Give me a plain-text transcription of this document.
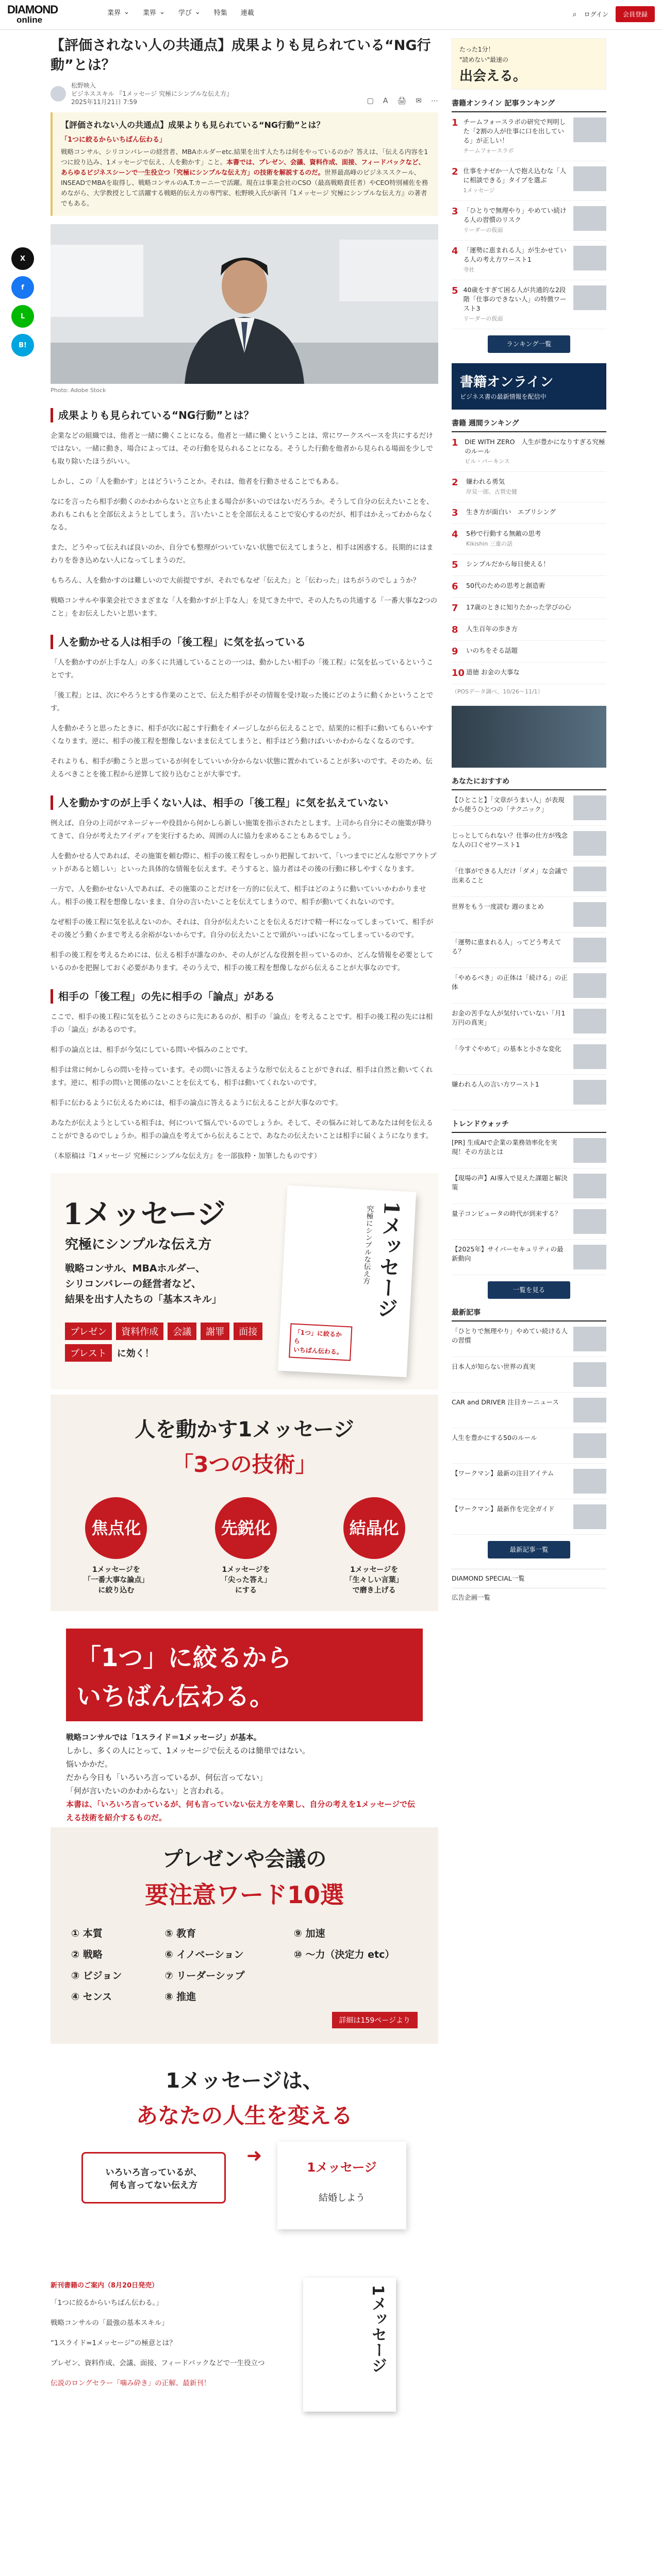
DIAMOND
online
業界 ⌄ 業界 ⌄ 学び ⌄ 特集 連載	⌕ ログイン	会員登録
X
f
L
B!
【評価されない人の共通点】成果よりも見られている“NG行動”とは？
松野映入
ビジネススキル 『1メッセージ 究極にシンプルな伝え方』
2025年11月21日 7:59	▢ A 🖨 ✉ ⋯
【評価されない人の共通点】成果よりも見られている“NG行動”とは？
「1つに絞るからいちばん伝わる」

戦略コンサル、シリコンバレーの経営者、MBAホルダーetc.結果を出す人たちは何をやっているのか？答えは、「伝える内容を1つに絞り込み、1メッセージで伝え、人を動かす」こと。本書では、プレゼン、会議、資料作成、面接、フィードバックなど、あらゆるビジネスシーンで一生役立つ「究極にシンプルな伝え方」の技術を解説するのだ。世界最高峰のビジネススクール、INSEADでMBAを取得し、戦略コンサルのA.T.カーニーで活躍。現在は事業会社のCSO（最高戦略責任者）やCEO特別補佐を務めながら、大学教授として活躍する戦略的伝え方の専門家、松野映入氏が新刊『1メッセージ 究極にシンプルな伝え方』の著者でもある。

Photo: Adobe Stock
成果よりも見られている“NG行動”とは？

企業などの組織では、他者と一緒に働くことになる。他者と一緒に働くということは、常にワークスペースを共にするだけではない。一緒に動き、場合によっては、その行動を見られることになる。そうした行動を他者から見られる場面を少しでも取り除いたほうがいい。

しかし、この「人を動かす」とはどういうことか。それは、他者を行動させることでもある。

なにを言ったら相手が動くのかわからないと立ち止まる場合が多いのではないだろうか。そうして自分の伝えたいことを、あれもこれもと全部伝えようとしてしまう。言いたいことを全部伝えることで安心するのだが、相手はかえってわからなくなる。

また、どうやって伝えれば良いのか、自分でも整理がついていない状態で伝えてしまうと、相手は困惑する。長期的にはまわりを巻き込めない人になってしまうのだ。

もちろん、人を動かすのは難しいので大前提ですが、それでもなぜ「伝えた」と「伝わった」はちがうのでしょうか？

戦略コンサルや事業会社でさまざまな「人を動かすが上手な人」を見てきた中で、その人たちの共通する「一番大事な2つのこと」をお伝えしたいと思います。

人を動かせる人は相手の「後工程」に気を払っている

「人を動かすのが上手な人」の多くに共通していることの一つは、動かしたい相手の「後工程」に気を払っているということです。

「後工程」とは、次にやろうとする作業のことで、伝えた相手がその情報を受け取った後にどのように動くかということです。

人を動かそうと思ったときに、相手が次に起こす行動をイメージしながら伝えることで、結果的に相手に動いてもらいやすくなります。逆に、相手の後工程を想像しないまま伝えてしまうと、相手はどう動けばいいかわからなくなるのです。

それよりも、相手が動こうと思っているが何をしていいか分からない状態に置かれていることが多いのです。そのため、伝えるべきことを後工程から逆算して絞り込むことが大事です。

人を動かすのが上手くない人は、相手の「後工程」に気を払えていない

例えば、自分の上司がマネージャーや役員から何かしら新しい施策を指示されたとします。上司から自分にその施策が降りてきて、自分が考えたアイディアを実行するため、周囲の人に協力を求めることもあるでしょう。

人を動かせる人であれば、その施策を頼む際に、相手の後工程をしっかり把握しておいて、「いつまでにどんな形でアウトプットがあると嬉しい」といった具体的な情報を伝えます。そうすると、協力者はその後の行動に移しやすくなります。

一方で、人を動かせない人であれば、その施策のことだけを一方的に伝えて、相手はどのように動いていいかわかりません。相手の後工程を想像しないまま、自分の言いたいことを伝えてしまうので、相手が動いてくれないのです。

なぜ相手の後工程に気を払えないのか。それは、自分が伝えたいことを伝えるだけで精一杯になってしまっていて、相手がその後どう動くかまで考える余裕がないからです。自分の伝えたいことで頭がいっぱいになってしまっているのです。

相手の後工程を考えるためには、伝える相手が誰なのか、その人がどんな役割を担っているのか、どんな情報を必要としているのかを把握しておく必要があります。そのうえで、相手の後工程を想像しながら伝えることが大事なのです。

相手の「後工程」の先に相手の「論点」がある

ここで、相手の後工程に気を払うことのさらに先にあるのが、相手の「論点」を考えることです。相手の後工程の先には相手の「論点」があるのです。

相手の論点とは、相手が今気にしている問いや悩みのことです。

相手は常に何かしらの問いを持っています。その問いに答えるような形で伝えることができれば、相手は自然と動いてくれます。逆に、相手の問いと関係のないことを伝えても、相手は動いてくれないのです。

相手に伝わるように伝えるためには、相手の論点に答えるように伝えることが大事なのです。

あなたが伝えようとしている相手は、何について悩んでいるのでしょうか。そして、その悩みに対してあなたは何を伝えることができるのでしょうか。相手の論点を考えてから伝えることで、あなたの伝えたいことは相手に届くようになります。

（本原稿は『1メッセージ 究極にシンプルな伝え方』を一部抜粋・加筆したものです）

1メッセージ
究極にシンプルな伝え方
戦略コンサル、MBAホルダー、
シリコンバレーの経営者など、
結果を出す人たちの「基本スキル」
プレゼン	資料作成	会議	謝罪	面接
プレスト	に効く！
1メッセージ
究極にシンプルな伝え方
「1つ」に絞るから
いちばん伝わる。
人を動かす1メッセージ
「3つの技術」
焦点化
1メッセージを
「一番大事な論点」
に絞り込む
先鋭化
1メッセージを
「尖った答え」
にする
結晶化
1メッセージを
「生々しい言葉」
で磨き上げる
「1つ」に絞るから
いちばん伝わる。
戦略コンサルでは「1スライド＝1メッセージ」が基本。
しかし、多くの人にとって、1メッセージで伝えるのは簡単ではない。
悩いかかだ。
だから今日も「いろいろ言っているが、何伝言ってない」
「何が言いたいのかわからない」と言われる。
本書は、「いろいろ言っているが、何も言っていない伝え方を卒業し、自分の考えを1メッセージで伝える技術を紹介するものだ。
プレゼンや会議の
要注意ワード10選
① 本質	⑤ 教育	⑨ 加速
② 戦略	⑥ イノベーション	⑩ 〜力（決定力 etc）
③ ビジョン	⑦ リーダーシップ
④ センス	⑧ 推進
詳細は159ページより
1メッセージは、
あなたの人生を変える
いろいろ言っているが、
何も言ってない伝え方
➜
1メッセージ
結婚しよう
新刊書籍のご案内（8月20日発売）

「1つに絞るからいちばん伝わる。」

戦略コンサルの「最強の基本スキル」

“1スライド=1メッセージ”の極意とは？

プレゼン、資料作成、会議、面接、フィードバックなどで一生役立つ

伝説のロングセラー「噛み砕き」の正解、最新刊！

1メッセージ
たった1分！
"読めない"最速の
出会える。
書籍オンライン 記事ランキング
1 チームフォースラボの研究で判明した「2割の人が仕事に口を出している」が正しい！
チームフォースラボ
2 仕事をナゼか一人で抱え込むな「人に相談できる」タイプを選ぶ
1メッセージ
3 「ひとりで無理やり」やめてい続ける人の習慣のリスク
リーダーの仮面
4 「運勢に恵まれる人」が生かせている人の考え方ワースト1
寺社
5 40歳をすぎて困る人が共通的な2段階「仕事のできない人」の特徴ワースト3
リーダーの仮面
ランキング一覧
書籍オンライン
ビジネス書の最新情報を配信中
書籍 週間ランキング
1 DIE WITH ZERO　人生が豊かになりすぎる究極のルール
ビル・パーキンス
2	嫌われる勇気
岸見一郎、古賀史健
3	生き方が面白い　エブリシング
4	5秒で行動する無敵の思考
Kikishin 三重の話
5	シンプルだから毎日使える！
6	50代のための思考と創造術
7	17歳のときに知りたかった学びの心
8	人生百年の歩き方
9	いのちをそる話題
10 道徳 お金の大事な
（POSデータ調べ、10/26〜11/1）
あなたにおすすめ
【ひとこと】「文章がうまい人」が表現から使うひとつの「テクニック」
じっとしてられない？仕事の仕方が残念な人の口ぐせワースト1
「仕事ができる人だけ「ダメ」な会議で出来ること
世界をもう一度読む 週のまとめ
「運勢に恵まれる人」ってどう考えてる？
「やめるべき」の正体は「続ける」の正体
お金の苦手な人が気付いていない「月1万円の真実」
「今すぐやめて」の基本と小さな変化
嫌われる人の言い方ワースト1
トレンドウォッチ
[PR] 生成AIで企業の業務効率化を実現！その方法とは
【現場の声】AI導入で見えた課題と解決策
量子コンピュータの時代が到来する？
【2025年】サイバーセキュリティの最新動向
一覧を見る
最新記事
「ひとりで無理やり」やめてい続ける人の習慣
日本人が知らない世界の真実
CAR and DRIVER 注目カーニュース
人生を豊かにする50のルール
【ワークマン】最新の注目アイテム
【ワークマン】最新作を完全ガイド
最新記事一覧
DIAMOND SPECIAL一覧
広告企画一覧
